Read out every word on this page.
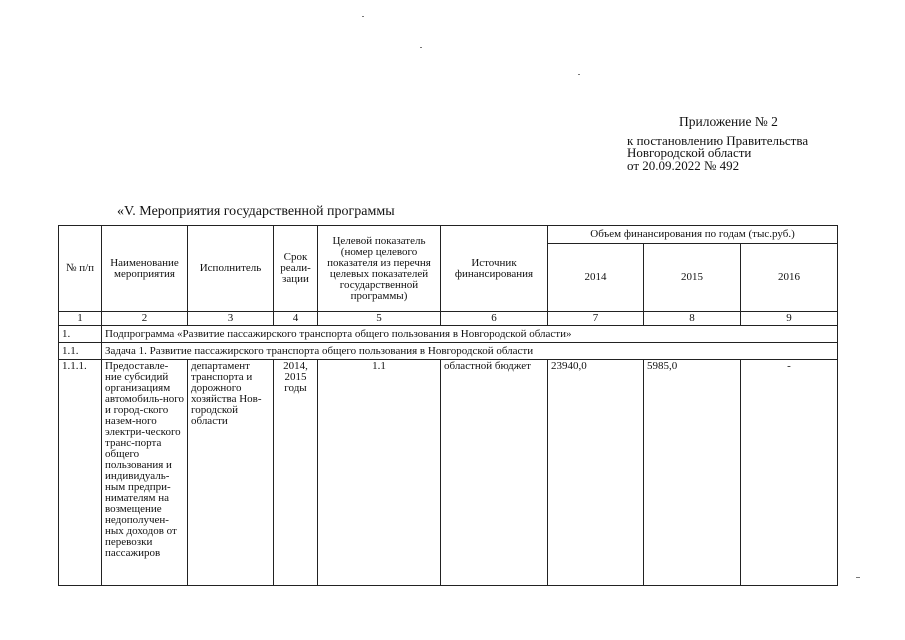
Приложение № 2
к постановлению Правительства
Новгородской области
от 20.09.2022 № 492
«V. Мероприятия государственной программы
№ п/п	Наименование мероприятия	Исполнитель	Срок реали-зации	Целевой показатель (номер целевого показателя из перечня целевых показателей государственной программы)	Источник финансирования	Объем финансирования по годам (тыс.руб.)		
						2014	2015	2016
1	2	3	4	5	6	7	8	9
1.	Подпрограмма «Развитие пассажирского транспорта общего пользования в Новгородской области»							
1.1.	Задача 1. Развитие пассажирского транспорта общего пользования в Новгородской области							
1.1.1.	Предоставле-ние субсидий организациям автомобиль-ного и город-ского назем-ного электри-ческого транс-порта общего пользования и индивидуаль-ным предпри-нимателям на возмещение недополучен-ных доходов от перевозки пассажиров	департамент транспорта и дорожного хозяйства Нов-городской области	2014, 2015 годы	1.1	областной бюджет	23940,0	5985,0	-
